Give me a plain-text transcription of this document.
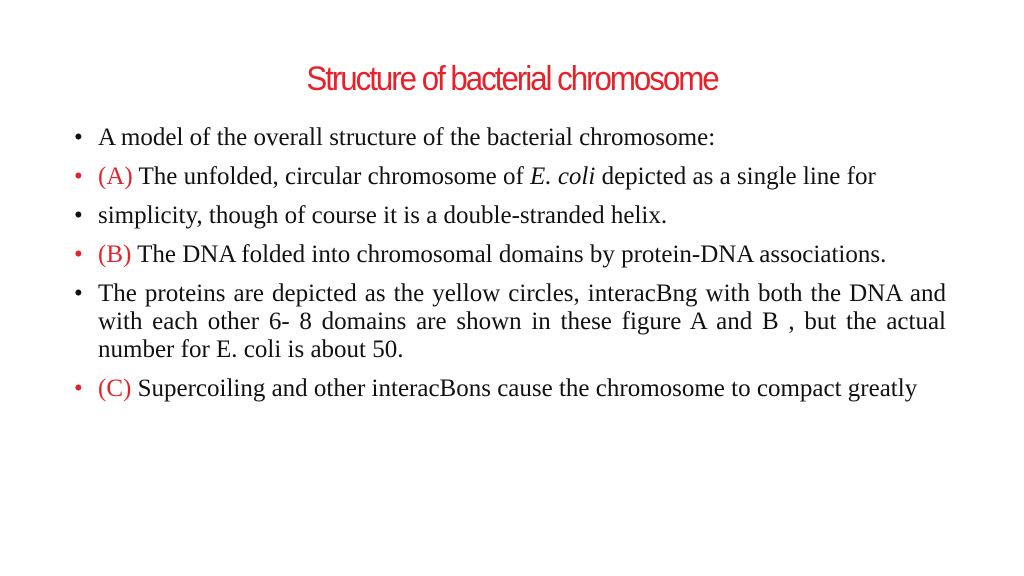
Structure of bacterial chromosome
• A model of the overall structure of the bacterial chromosome:
• (A) The unfolded, circular chromosome of E. coli depicted as a single line for
• simplicity, though of course it is a double-stranded helix.
• (B) The DNA folded into chromosomal domains by protein-DNA associations.
• The proteins are depicted as the yellow circles, interacBng with both the DNA and with each other 6- 8 domains are shown in these figure A and B , but the actual number for E. coli is about 50.
• (C) Supercoiling and other interacBons cause the chromosome to compact greatly
